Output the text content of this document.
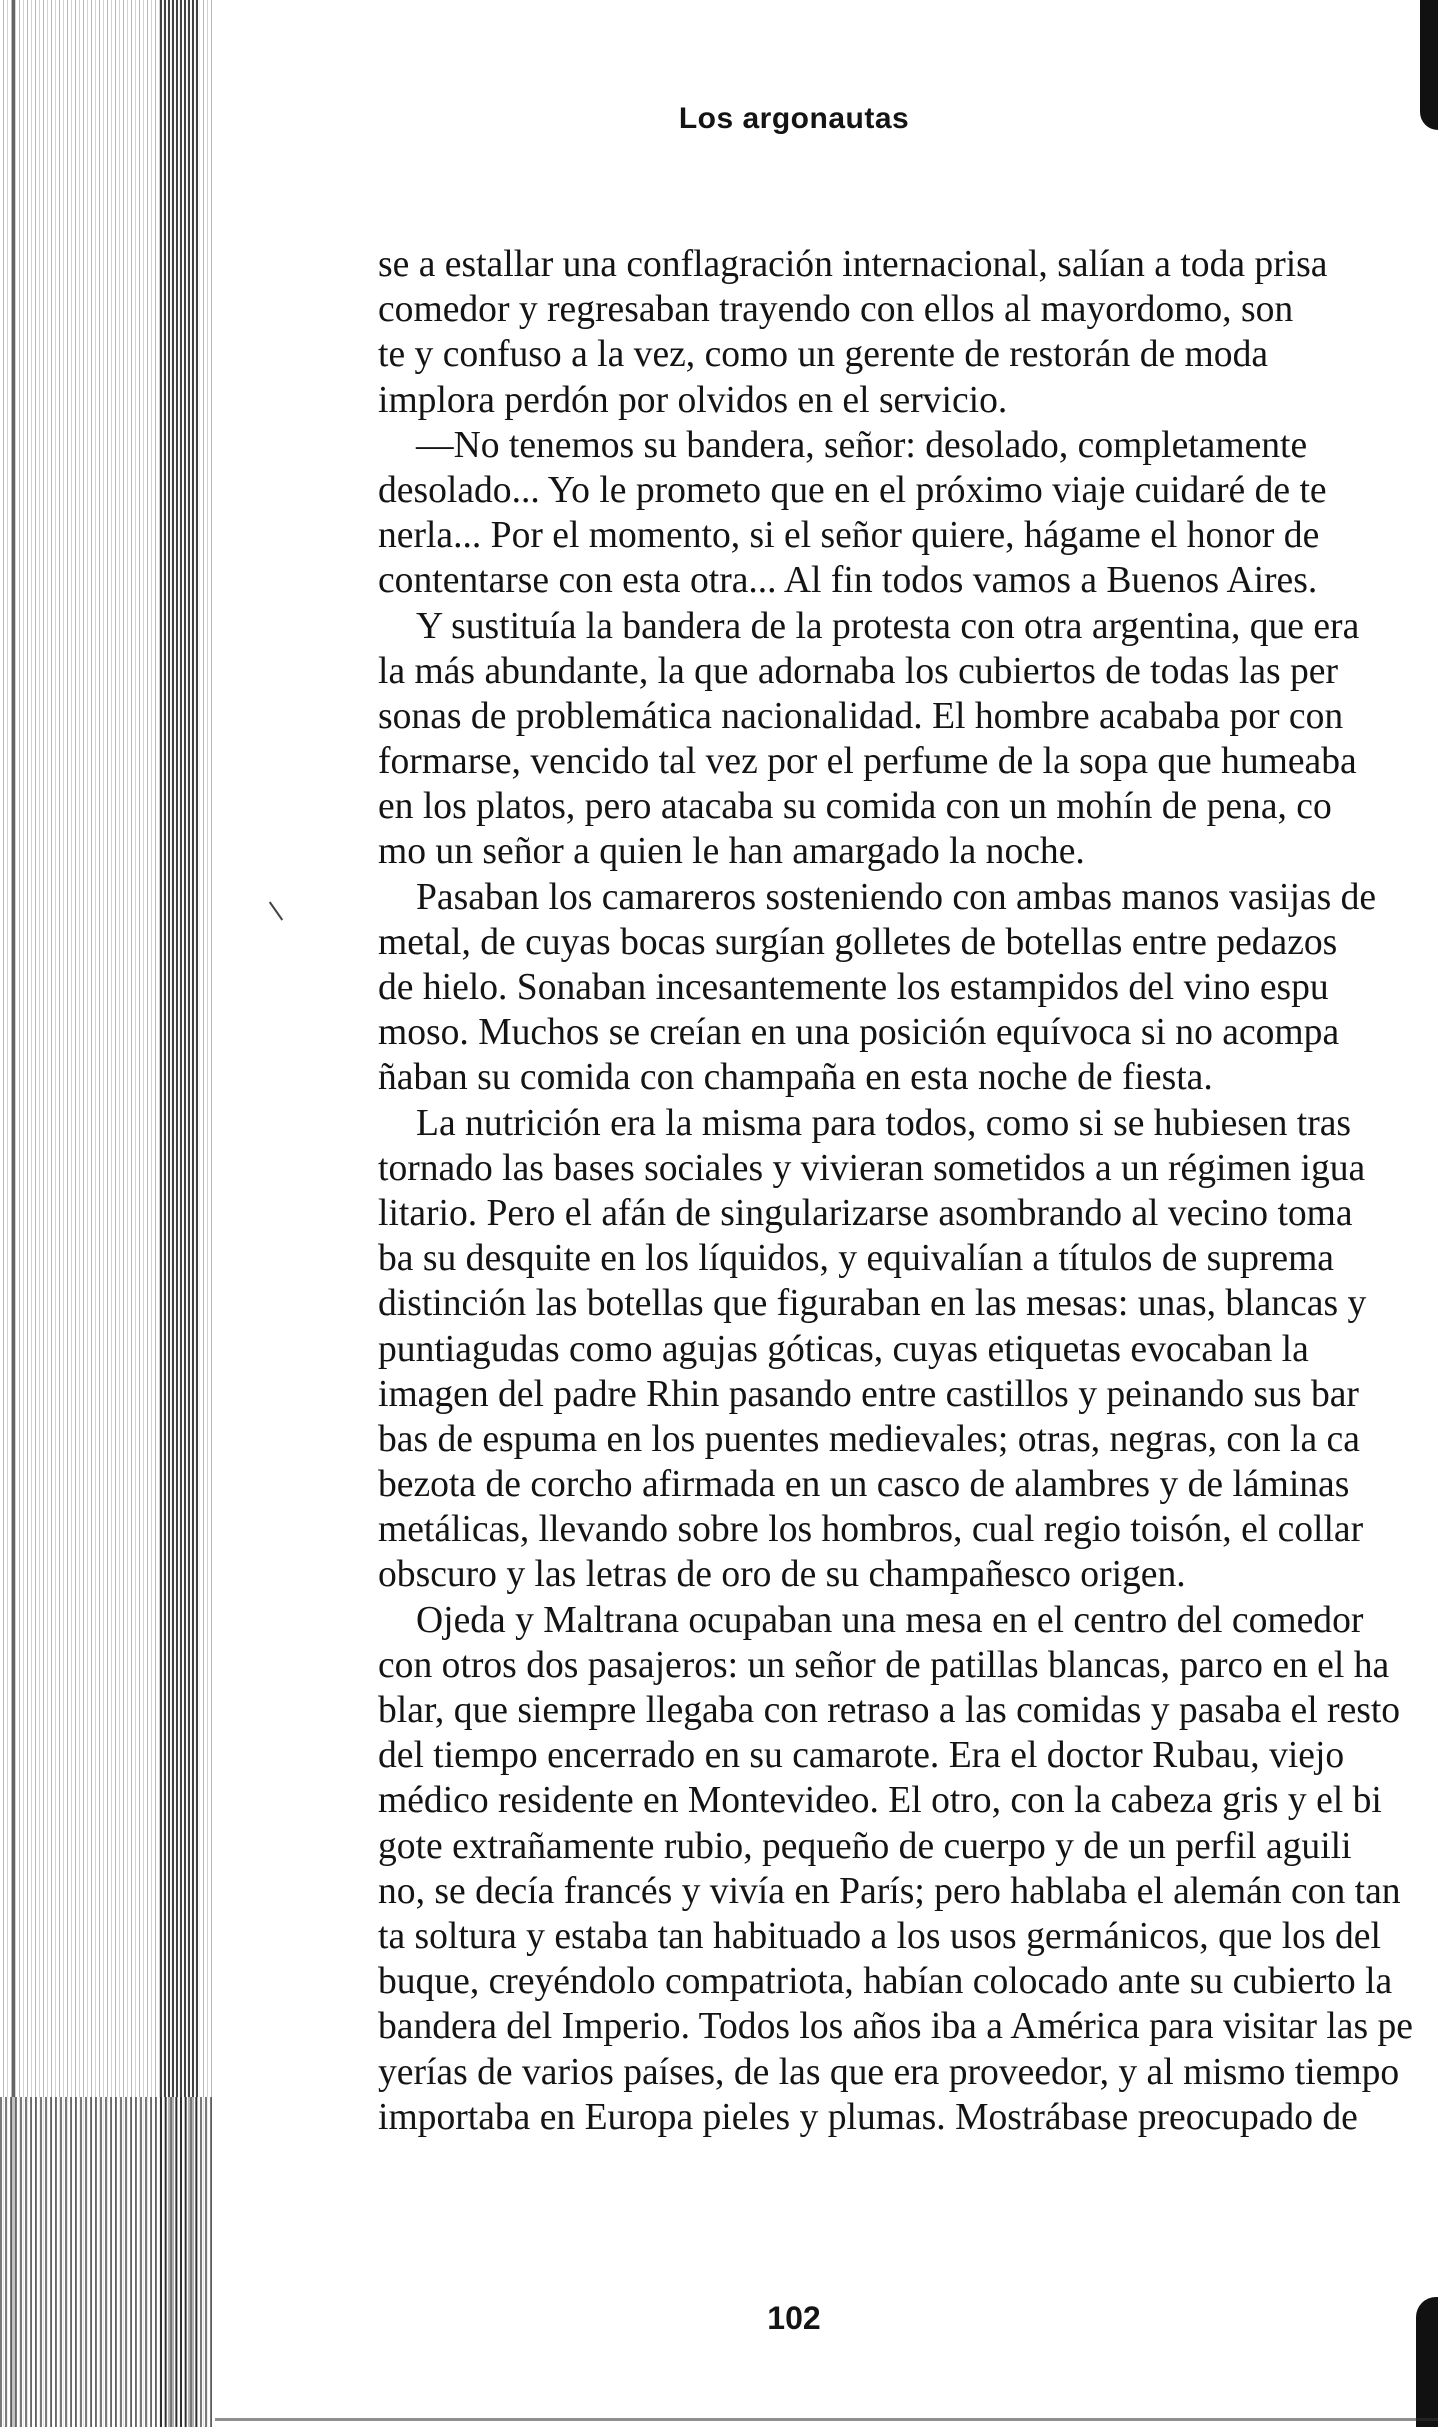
Los argonautas
se a estallar una conflagración internacional, salían a toda prisa
comedor y regresaban trayendo con ellos al mayordomo, son
te y confuso a la vez, como un gerente de restorán de moda
implora perdón por olvidos en el servicio.
—No tenemos su bandera, señor: desolado, completamente
desolado... Yo le prometo que en el próximo viaje cuidaré de te
nerla... Por el momento, si el señor quiere, hágame el honor de
contentarse con esta otra... Al fin todos vamos a Buenos Aires.
Y sustituía la bandera de la protesta con otra argentina, que era
la más abundante, la que adornaba los cubiertos de todas las per
sonas de problemática nacionalidad. El hombre acababa por con
formarse, vencido tal vez por el perfume de la sopa que humeaba
en los platos, pero atacaba su comida con un mohín de pena, co
mo un señor a quien le han amargado la noche.
Pasaban los camareros sosteniendo con ambas manos vasijas de
metal, de cuyas bocas surgían golletes de botellas entre pedazos
de hielo. Sonaban incesantemente los estampidos del vino espu
moso. Muchos se creían en una posición equívoca si no acompa
ñaban su comida con champaña en esta noche de fiesta.
La nutrición era la misma para todos, como si se hubiesen tras
tornado las bases sociales y vivieran sometidos a un régimen igua
litario. Pero el afán de singularizarse asombrando al vecino toma
ba su desquite en los líquidos, y equivalían a títulos de suprema
distinción las botellas que figuraban en las mesas: unas, blancas y
puntiagudas como agujas góticas, cuyas etiquetas evocaban la
imagen del padre Rhin pasando entre castillos y peinando sus bar
bas de espuma en los puentes medievales; otras, negras, con la ca
bezota de corcho afirmada en un casco de alambres y de láminas
metálicas, llevando sobre los hombros, cual regio toisón, el collar
obscuro y las letras de oro de su champañesco origen.
Ojeda y Maltrana ocupaban una mesa en el centro del comedor
con otros dos pasajeros: un señor de patillas blancas, parco en el ha
blar, que siempre llegaba con retraso a las comidas y pasaba el resto
del tiempo encerrado en su camarote. Era el doctor Rubau, viejo
médico residente en Montevideo. El otro, con la cabeza gris y el bi
gote extrañamente rubio, pequeño de cuerpo y de un perfil aguili
no, se decía francés y vivía en París; pero hablaba el alemán con tan
ta soltura y estaba tan habituado a los usos germánicos, que los del
buque, creyéndolo compatriota, habían colocado ante su cubierto la
bandera del Imperio. Todos los años iba a América para visitar las pe
yerías de varios países, de las que era proveedor, y al mismo tiempo
importaba en Europa pieles y plumas. Mostrábase preocupado de
102
